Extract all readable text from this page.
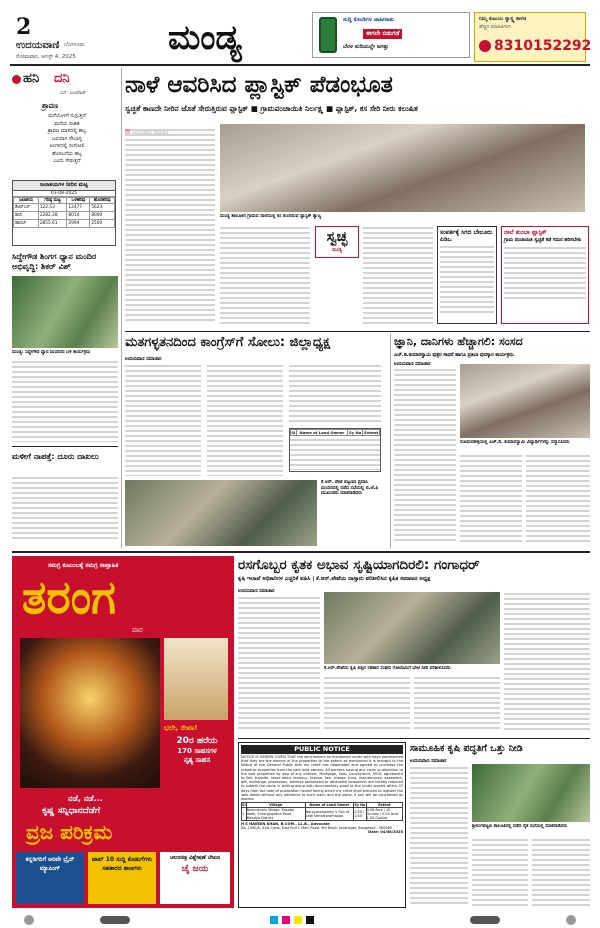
2
ಉದಯವಾಣಿ ಬೆಂಗಳೂರು
ಸೋಮವಾರ, ಆಗಸ್ಟ್ 4, 2025	ಮಂಡ್ಯ	ಸುದ್ದಿ ಕೊಂಡಿಗಳ ಜಾಹೀರಾತು
ಈಗಲೇ ಬಿಡುಗಡೆ
ಬೆರಳ ತುದಿಯಲ್ಲೇ ಜಗತ್ತು
ನಿಮ್ಮ ಕುಟುಂಬ ಸ್ವಾಸ್ಥ್ಯ ಕಾಳಜಿ
ಹೆಚ್ಚಿನ ಮಾಹಿತಿಗಾಗಿ
8310152292
ಹನಿ ದನಿ
ಎಸ್. ಜಂಟಿರಾಜ್
ಶ್ರಾವಣ
ಮನೆಯೊಳಗೆ ನುಗ್ಗುತ್ತದೆ
ಮನೆಯ ಸುಖಿತ
ಶ್ರಾವಣ ಮಾಸದಲ್ಲಿ ಹಬ್ಬ
ಬರುವಾಗ ಸೌಭಾಗ್ಯ
ಅಂಗಳದಲ್ಲಿ ರಂಗೋಲಿ
ಹೊಸಬಗೆಯ ಹಬ್ಬ
ಬಂದು ಸೇರುತ್ತದೆ
ಜಲಾಶಯಗಳ ನೀರಿನ ಮಟ್ಟ
03-08-2025
ಜಲಾಶಯ	ಗರಿಷ್ಠ ಮಟ್ಟ	ಒಳಹರಿವು	ಹೊರಹರಿವು
ಕೆಆರ್‌ಎಸ್	122.53	12477	5623
ಕಬಿನಿ	2282.28	8014	8000
ಹಾರಂಗಿ	2855.61	2994	2500
ಸಿದ್ದೇಗೌಡ ಶಿಂಗ‌ಗ ಧ್ಯಾನ ಮಂದಿರ ಅಭಿವೃದ್ಧಿ: ಶಿಕರ್‌ ವಿಶ್‌
ಮಂಡ್ಯ: ಸಿದ್ದೇಗೌಡ ಧ್ಯಾನ ಮಂದಿರದ ಬಳಿ ಕಾರ್ಯಕ್ರಮ
ಮಳೀಗೆ ನಾಪತ್ತೆ: ದೂರು ದಾಖಲು
ನಾಳೆ ಆವರಿಸಿದ ಪ್ಲಾಸ್ಟಿಕ್ ಪೆಡಂಭೂತ
ಸ್ವಚ್ಛತೆ ಕಾಣದೇ ನೀರಿನ ಜೊತೆ ಸೇರುತ್ತಿರುವ ಪ್ಲಾಸ್ಟಿಕ್ ■ ಗ್ರಾಮಪಂಚಾಯಿತಿ ನಿರ್ಲಕ್ಷ್ಯ ■ ಪ್ಲಾಸ್ಟಿಕ್, ಕಸ ಸೇರಿ ನೀರು ಕಲುಷಿತ
ಮಂಡ್ಯ ತಾಲೂಕಿನ ಗ್ರಾಮದ ನಾಲೆಯಲ್ಲಿ ಕಸ ತುಂಬಿರುವ ಪ್ಲಾಸ್ಟಿಕ್ ತ್ಯಾಜ್ಯ
ಸ್ವಚ್ಛ
ಮಂಡ್ಯ
ಸಂಪರ್ಕಕ್ಕೆ ಸಿಗದ ಬೇಲೂರು ಪಿಡಿಒ
ನಾಲೆ ತುಂಬಾ ಪ್ಲಾಸ್ಟಿಕ್
ಗ್ರಾಮ ಪಂಚಾಯಿತಿ ಸ್ವಚ್ಛತೆ ಕಡೆ ಗಮನ ಹರಿಸಬೇಕು
ಮತಗಳ್ಳತನದಿಂದ ಕಾಂಗ್ರೆಸ್‌ಗೆ ಸೋಲು: ಜಿಲ್ಲಾಧ್ಯಕ್ಷ
ಉದಯವಾಣಿ ಸಮಾಚಾರ
Sl	Name of Land Owner	Sy No	Extent
ಕೆ.ಆರ್. ಪೇಟೆ ಪಟ್ಟಣದ ಪ್ರವಾಸಿ ಮಂದಿರದಲ್ಲಿ ನಡೆದ ಸಭೆಯಲ್ಲಿ ಬಿ.ಜೆ.ಪಿ ಮುಖಂಡರು ಮಾತನಾಡಿದರು
ಜ್ಞಾನಿ, ದಾನಿಗಳು ಹೆಚ್ಚಾಗಲಿ: ಸಂಸದ
ಎಚ್.ಡಿ.ಕುಮಾರಸ್ವಾಮಿ ಪುತ್ರರ ಸಾಧನೆ ಹಾಗೂ ಪ್ರತಿಭಾ ಪುರಸ್ಕಾರ ಕಾರ್ಯಕ್ರಮ
ಉದಯವಾಣಿ ಸಮಾಚಾರ
ಸೋಮನಹಳ್ಳಿಯಲ್ಲಿ ಎಚ್.ಡಿ. ಕುಮಾರಸ್ವಾಮಿ ವಿದ್ಯಾರ್ಥಿಗಳನ್ನು ಸನ್ಮಾನಿಸಿದರು
ಸಮಗ್ರ ಕುಟುಂಬಕ್ಕೆ ಸಮಗ್ರ ಸಾಪ್ತಾಹಿಕ
ತರಂಗ
ವಾರ
ಭಲೇ, ರೇಖಾ!
20ರ ಹರೆಯ
170 ಸಾಹಸಗಳ
ನೃತ್ಯ ಸಾಹಸ
ನಡೆ, ನಡೆ...
ಕೃಷ್ಣ ಸನ್ನಿಧಾನದೆಡೆಗೆ
ವ್ರಜ ಪರಿಕ್ರಮ
ಕನ್ನಡಿಗರಿಗೆ ಅರಿವೇ ಬ್ರೈನ್ ಮ್ಯಾಪಿಂಗ್
ಟಾಪ್ 10 ಸುದ್ದಿ ಕೊಡುಗೆಗಳು ಸಹಕಾರದ ತಾಣಗಳು
ಚಲನಚಿತ್ರ ವಿಶ್ಲೇಷಣೆ ಲೇಖನ
ಜೈ ಜಯ
ರಸಗೊಬ್ಬರ ಕೃತಕ ಅಭಾವ ಸೃಷ್ಟಿಯಾಗದಿರಲಿ: ಗಂಗಾಧರ್
ಕೃಷಿ ಇಲಾಖೆ ಅಧಿಕಾರಿಗಳ ಎಚ್ಚರಿಕೆ ವಹಿಸಿ | ಕೆ.ಆರ್.ಪೇಟೆಯ ದಾಸ್ತಾನು ಪರಿಶೀಲಿಸಿದ ಕೃಷಿಕ ಸಮಾಜದ ಅಧ್ಯಕ್ಷ
ಉದಯವಾಣಿ ಸಮಾಚಾರ
ಕೆ.ಆರ್.ಪೇಟೆಯ ಕೃಷಿ ಪತ್ತಿನ ಸಹಕಾರ ಸಂಘದ ಗೋದಾಮಿಗೆ ಭೇಟಿ ನೀಡಿ ಪರಿಶೀಲಿಸಿದರು
PUBLIC NOTICE
NOTICE IS HEREBY GIVEN THAT the land owners as mentioned under with have represented that they are the owners of the properties to the extent as mentioned it is brought to the Notice of the General Public that my client has negotiated and agreed to purchase the schedule properties from the said land owners. All persons having any claim or objection to the said properties by way of any interest, Mortgage, Sale, Conveyance, MOU, agreement to Sell, transfer, lease deed, tenancy, license, lien, charge, trust, maintenance, easement, gift, exchange, possession, adverse possession or otherwise howsoever are hereby required to submit the same in writing along with documentary proof to the under signed within 07 days from the date of publication hereof failing which my client shall proceed to register the sale deeds without any reference to such claim and the same, if any will be considered as waived.
Sl	Village	Name of Land Owner	Sy No	Extent
1	Bommanalu Village, Kasaba Hobli, Srirangapatna Taluk, Mandya District	Narayanaswamy V Son of Late Venkataramappa	1/1B / 1/1B	0.08 Acre / 10 Guntas / 0.03 Acre 1.50 Guntas
H S HAVEEN KHAN, B.COM., LL.B., Advocate
No. 1090/A, 41st Cross, East End C Main Road, 9th Block, Jayanagar, Bangalore - 560069
Date: 04/08/2025
ಸಾಮೂಹಿಕ ಕೃಷಿ ಪದ್ಧತಿಗೆ ಒತ್ತು ನೀಡಿ
ಉದಯವಾಣಿ ಸಮಾಚಾರ
ಶ್ರೀರಂಗಪಟ್ಟಣ ತಾಲೂಕಿನಲ್ಲಿ ನಡೆದ ರೈತ ಸಭೆಯಲ್ಲಿ ಮಾತನಾಡಿದರು
